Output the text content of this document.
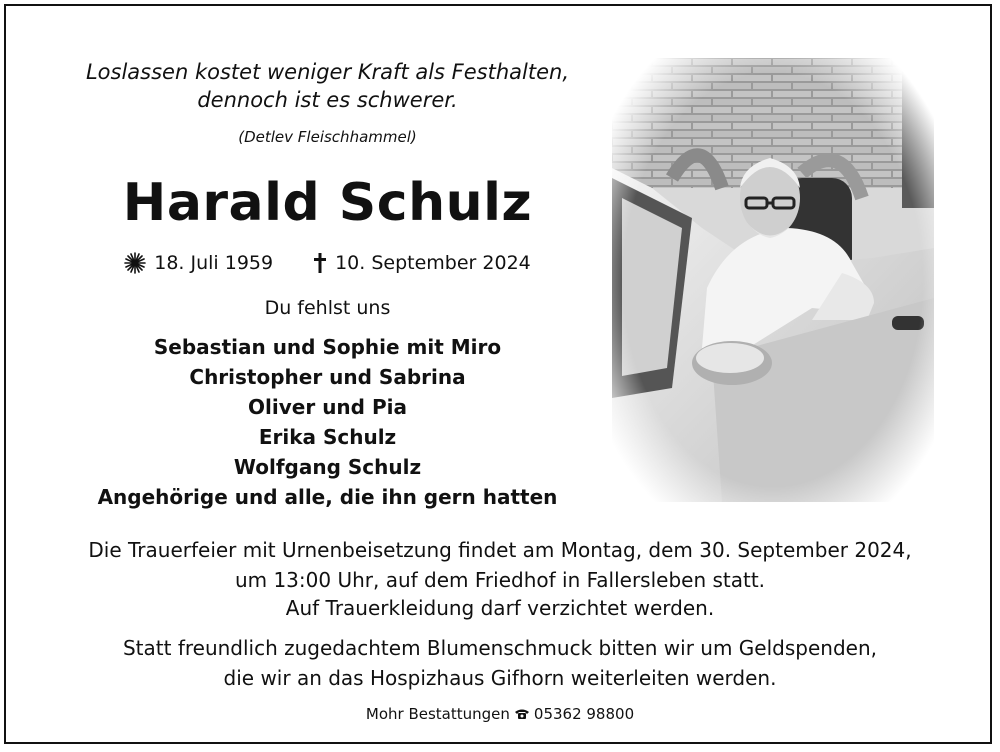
Loslassen kostet weniger Kraft als Festhalten,
dennoch ist es schwerer.
(Detlev Fleischhammel)
Harald Schulz
18. Juli 1959	10. September 2024
Du fehlst uns
Sebastian und Sophie mit Miro
Christopher und Sabrina
Oliver und Pia
Erika Schulz
Wolfgang Schulz
Angehörige und alle, die ihn gern hatten
Die Trauerfeier mit Urnenbeisetzung findet am Montag, dem 30. September 2024,
um 13:00 Uhr, auf dem Friedhof in Fallersleben statt.
Auf Trauerkleidung darf verzichtet werden.
Statt freundlich zugedachtem Blumenschmuck bitten wir um Geldspenden,
die wir an das Hospizhaus Gifhorn weiterleiten werden.
Mohr Bestattungen 05362 98800
